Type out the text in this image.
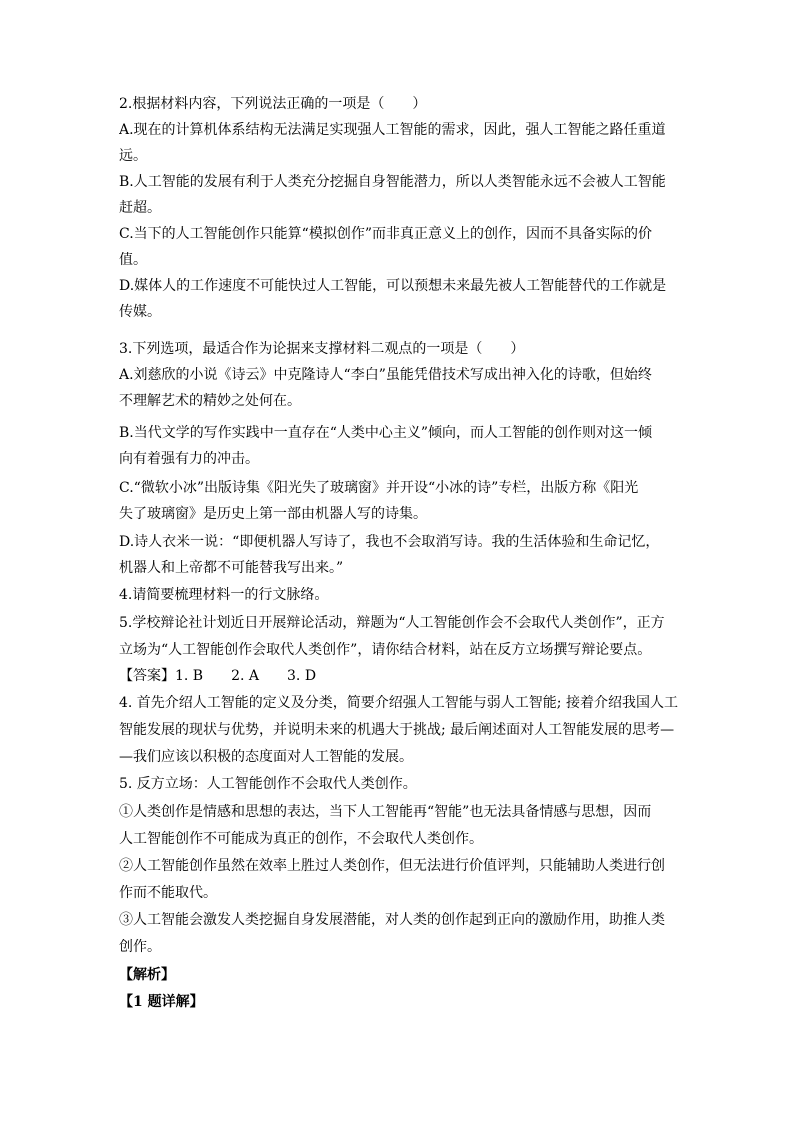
2.根据材料内容，下列说法正确的一项是（　　）
A.现在的计算机体系结构无法满足实现强人工智能的需求，因此，强人工智能之路任重道
远。
B.人工智能的发展有利于人类充分挖掘自身智能潜力，所以人类智能永远不会被人工智能
赶超。
C.当下的人工智能创作只能算“模拟创作”而非真正意义上的创作，因而不具备实际的价
值。
D.媒体人的工作速度不可能快过人工智能，可以预想未来最先被人工智能替代的工作就是
传媒。
3.下列选项，最适合作为论据来支撑材料二观点的一项是（　　）
A.刘慈欣的小说《诗云》中克隆诗人“李白”虽能凭借技术写成出神入化的诗歌，但始终
不理解艺术的精妙之处何在。
B.当代文学的写作实践中一直存在“人类中心主义”倾向，而人工智能的创作则对这一倾
向有着强有力的冲击。
C.“微软小冰”出版诗集《阳光失了玻璃窗》并开设“小冰的诗”专栏，出版方称《阳光
失了玻璃窗》是历史上第一部由机器人写的诗集。
D.诗人衣米一说：“即便机器人写诗了，我也不会取消写诗。我的生活体验和生命记忆，
机器人和上帝都不可能替我写出来。”
4.请简要梳理材料一的行文脉络。
5.学校辩论社计划近日开展辩论活动，辩题为“人工智能创作会不会取代人类创作”，正方
立场为“人工智能创作会取代人类创作”，请你结合材料，站在反方立场撰写辩论要点。
【答案】1. B　　2. A　　3. D
4. 首先介绍人工智能的定义及分类，简要介绍强人工智能与弱人工智能; 接着介绍我国人工
智能发展的现状与优势，并说明未来的机遇大于挑战; 最后阐述面对人工智能发展的思考—
—我们应该以积极的态度面对人工智能的发展。
5. 反方立场：人工智能创作不会取代人类创作。
①人类创作是情感和思想的表达，当下人工智能再“智能”也无法具备情感与思想，因而
人工智能创作不可能成为真正的创作，不会取代人类创作。
②人工智能创作虽然在效率上胜过人类创作，但无法进行价值评判，只能辅助人类进行创
作而不能取代。
③人工智能会激发人类挖掘自身发展潜能，对人类的创作起到正向的激励作用，助推人类
创作。
【解析】
【1 题详解】
